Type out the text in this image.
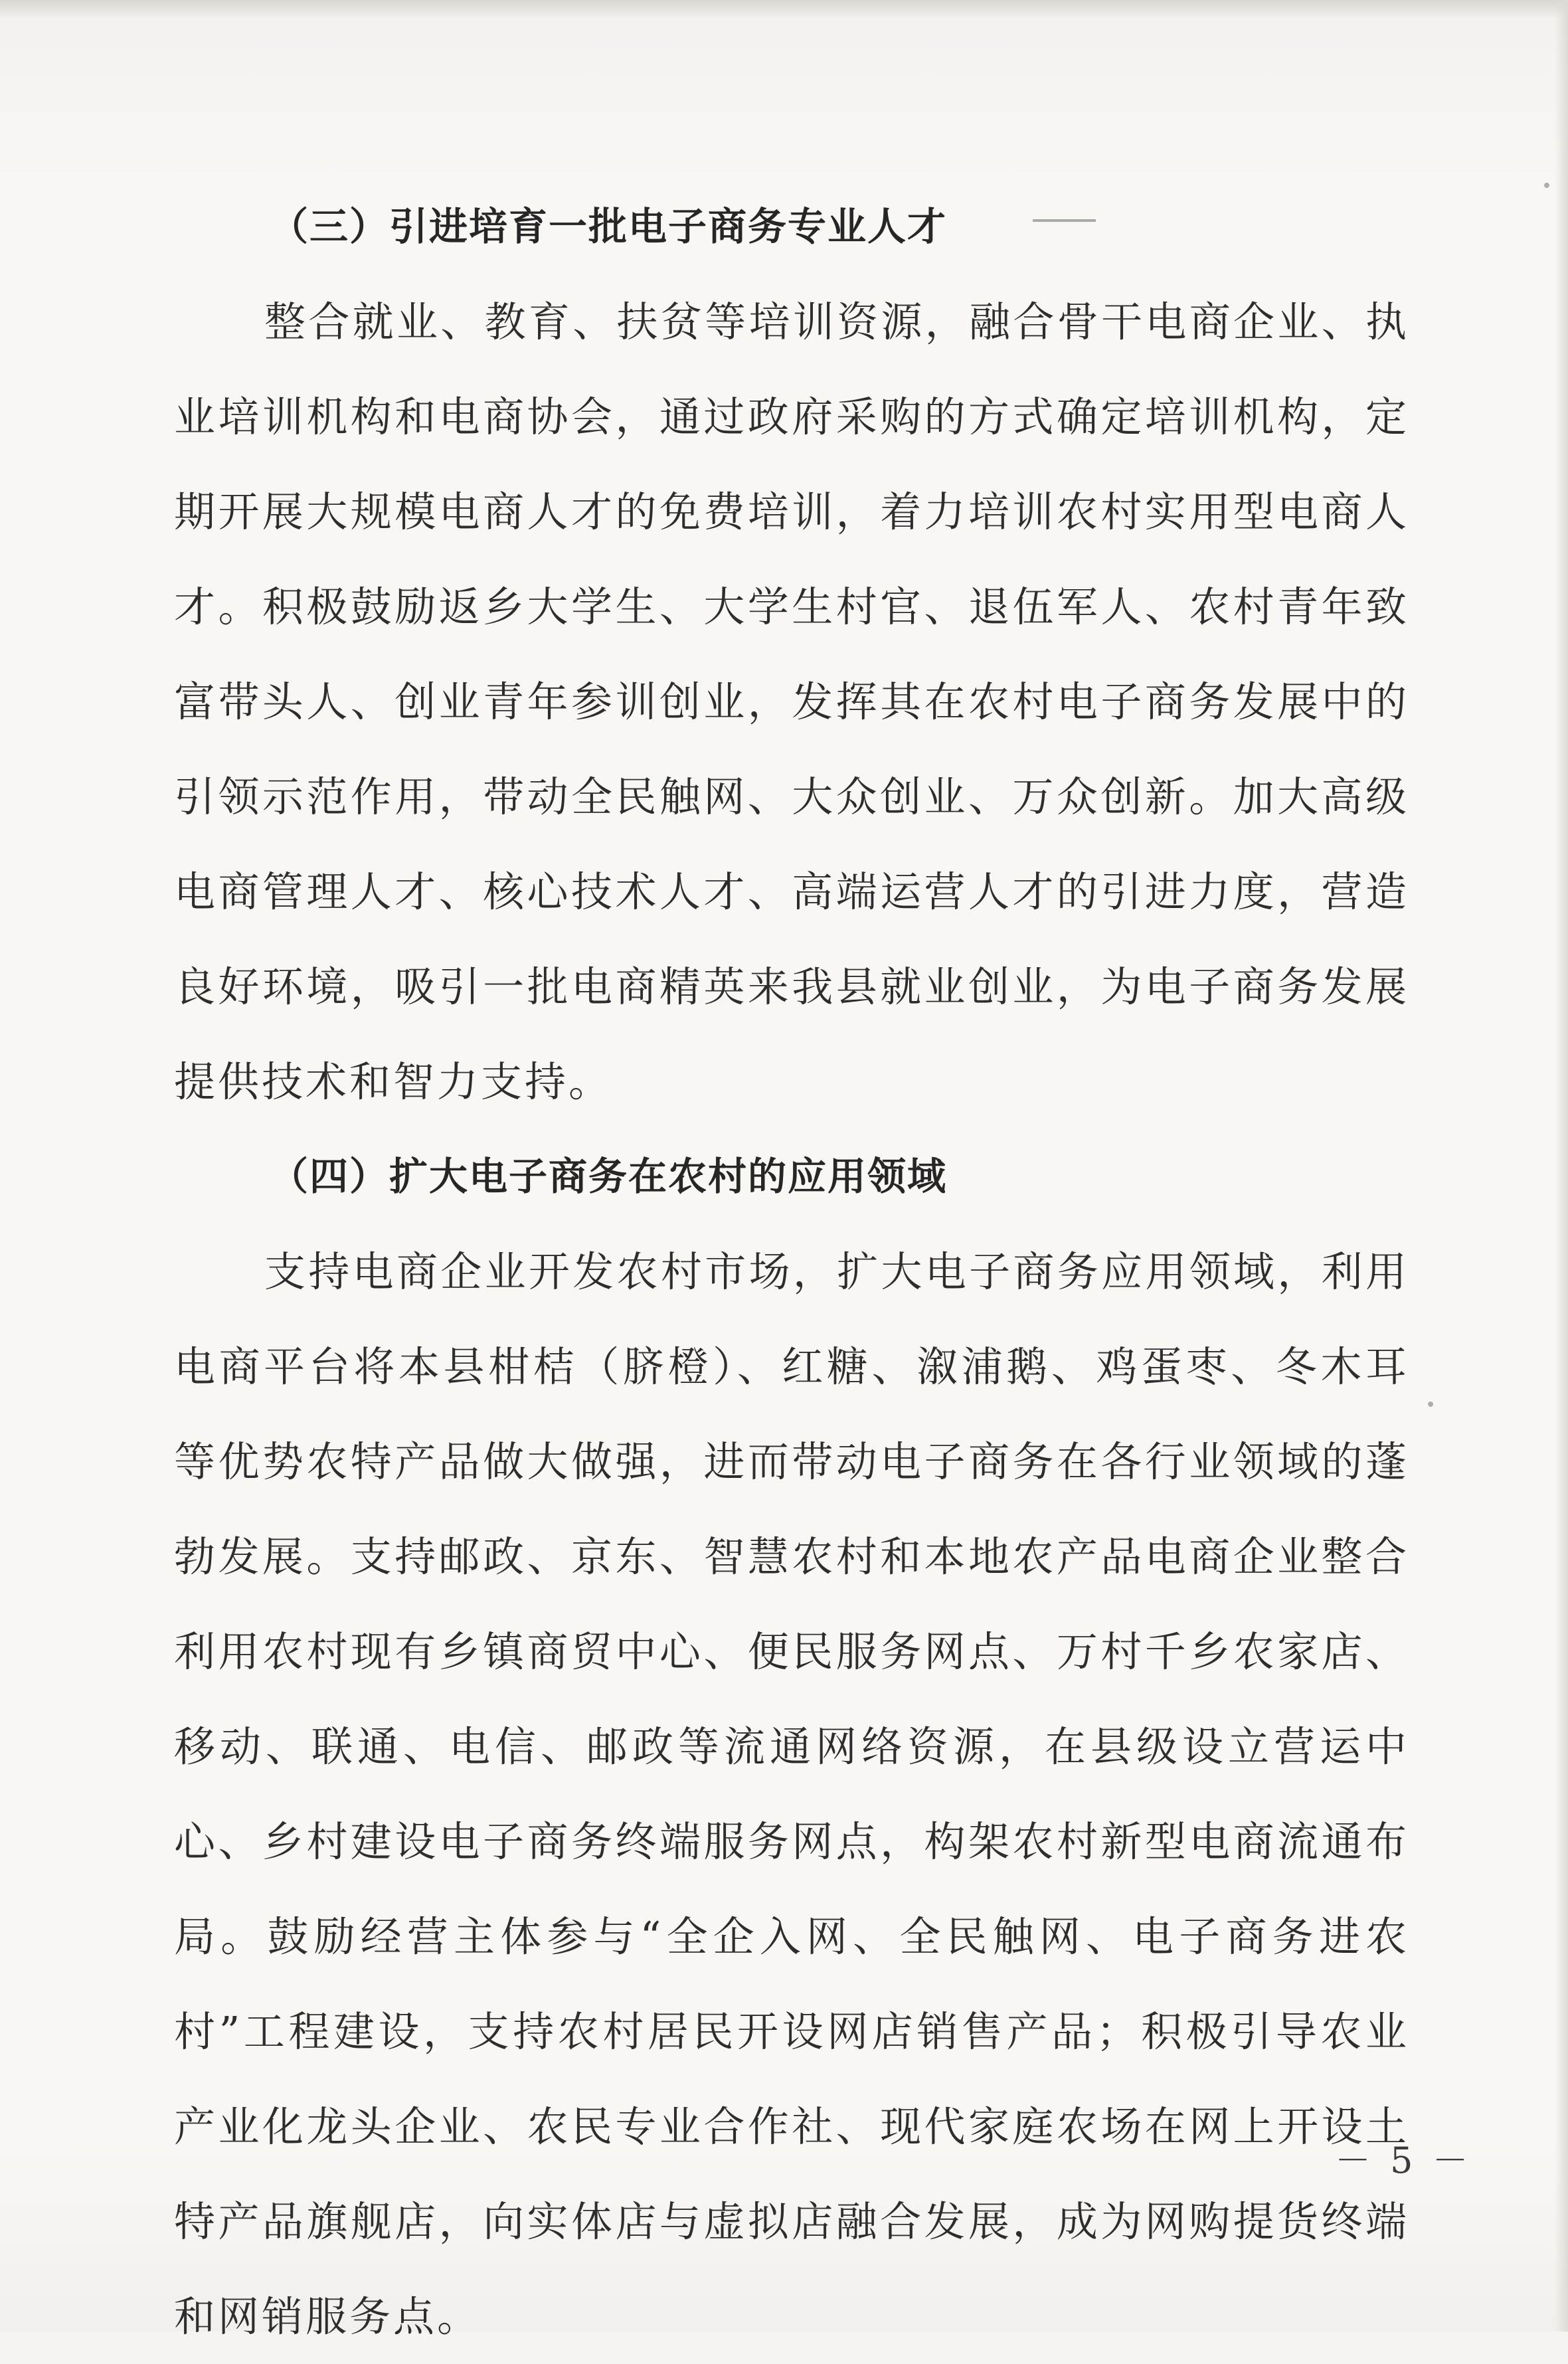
（三）引进培育一批电子商务专业人才

整合就业、教育、扶贫等培训资源，融合骨干电商企业、执业培训机构和电商协会，通过政府采购的方式确定培训机构，定期开展大规模电商人才的免费培训，着力培训农村实用型电商人才。积极鼓励返乡大学生、大学生村官、退伍军人、农村青年致富带头人、创业青年参训创业，发挥其在农村电子商务发展中的引领示范作用，带动全民触网、大众创业、万众创新。加大高级电商管理人才、核心技术人才、高端运营人才的引进力度，营造良好环境，吸引一批电商精英来我县就业创业，为电子商务发展提供技术和智力支持。

（四）扩大电子商务在农村的应用领域

支持电商企业开发农村市场，扩大电子商务应用领域，利用电商平台将本县柑桔（脐橙）、红糖、溆浦鹅、鸡蛋枣、冬木耳等优势农特产品做大做强，进而带动电子商务在各行业领域的蓬勃发展。支持邮政、京东、智慧农村和本地农产品电商企业整合利用农村现有乡镇商贸中心、便民服务网点、万村千乡农家店、移动、联通、电信、邮政等流通网络资源，在县级设立营运中心、乡村建设电子商务终端服务网点，构架农村新型电商流通布局。鼓励经营主体参与“全企入网、全民触网、电子商务进农村”工程建设，支持农村居民开设网店销售产品；积极引导农业产业化龙头企业、农民专业合作社、现代家庭农场在网上开设土特产品旗舰店，向实体店与虚拟店融合发展，成为网购提货终端和网销服务点。

－ 5 －
